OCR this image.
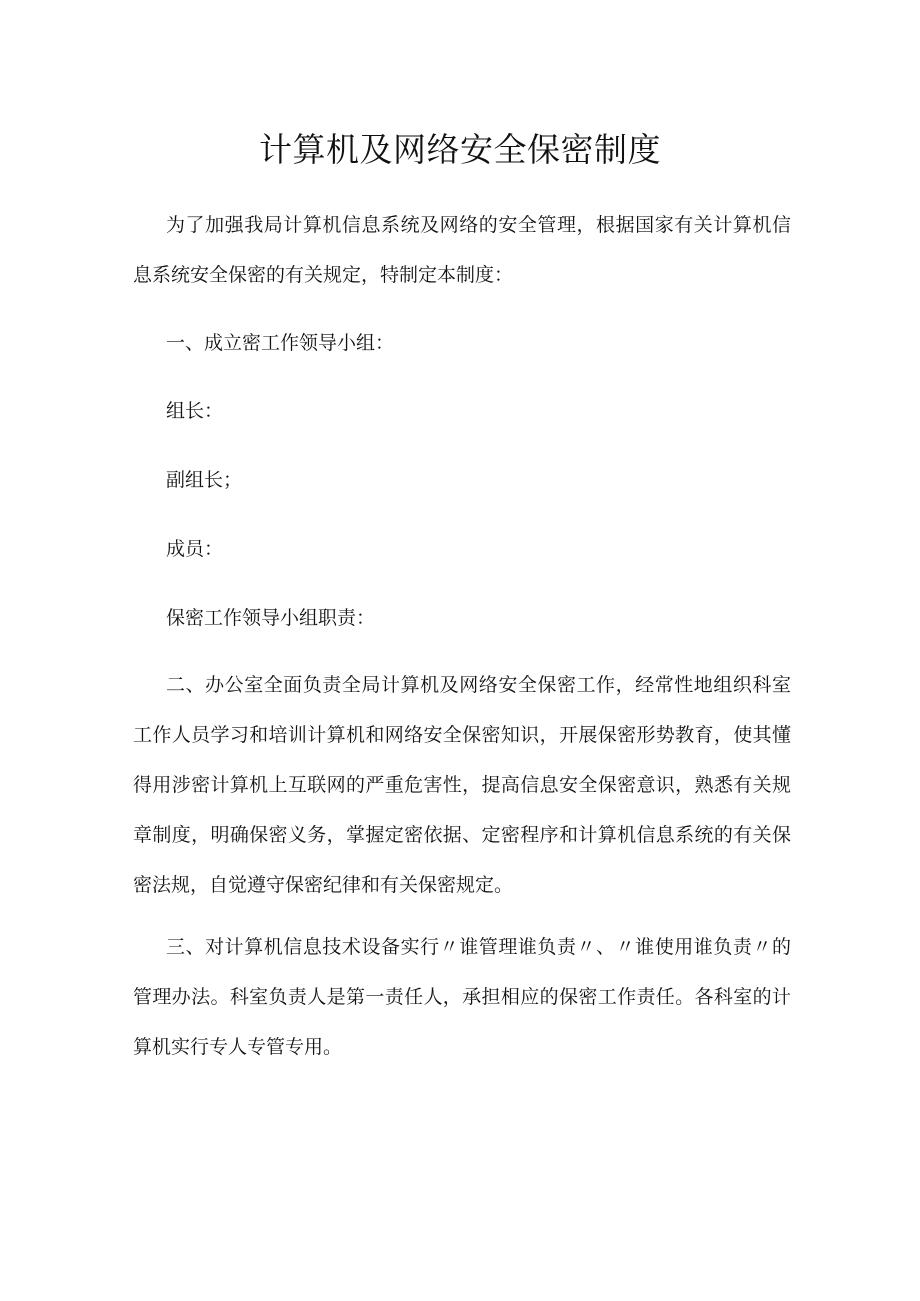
计算机及网络安全保密制度

为了加强我局计算机信息系统及网络的安全管理，根据国家有关计算机信息系统安全保密的有关规定，特制定本制度：

一、成立密工作领导小组：

组长：

副组长；

成员：

保密工作领导小组职责：

二、办公室全面负责全局计算机及网络安全保密工作，经常性地组织科室工作人员学习和培训计算机和网络安全保密知识，开展保密形势教育，使其懂得用涉密计算机上互联网的严重危害性，提高信息安全保密意识，熟悉有关规章制度，明确保密义务，掌握定密依据、定密程序和计算机信息系统的有关保密法规，自觉遵守保密纪律和有关保密规定。

三、对计算机信息技术设备实行〃谁管理谁负责〃、〃谁使用谁负责〃的管理办法。科室负责人是第一责任人，承担相应的保密工作责任。各科室的计算机实行专人专管专用。
